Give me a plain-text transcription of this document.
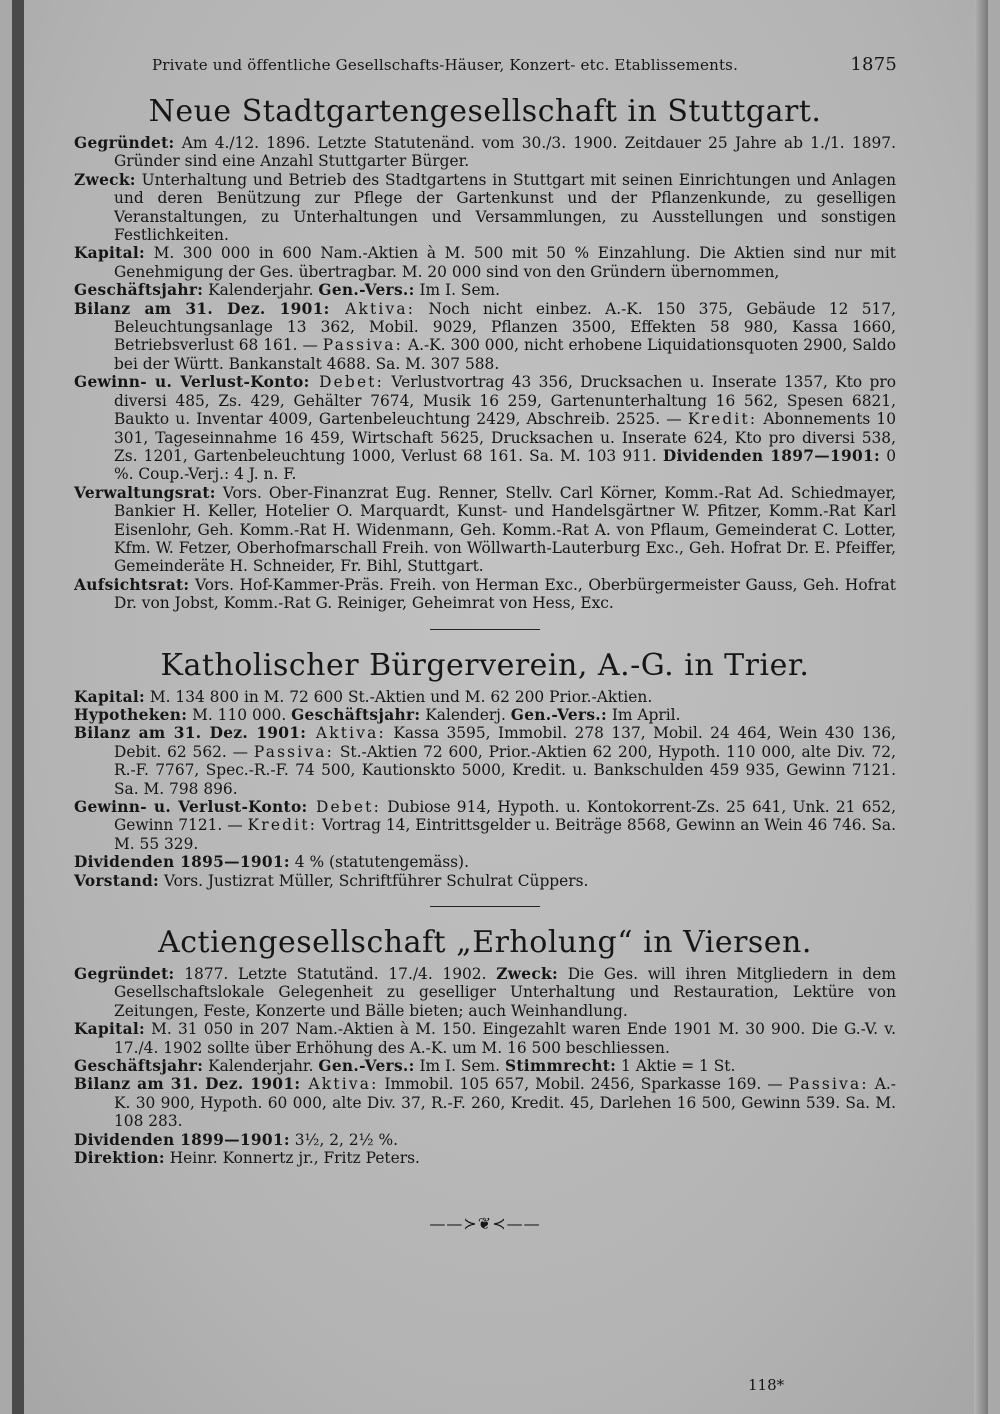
Private und öffentliche Gesellschafts-Häuser, Konzert- etc. Etablissements.	1875
Neue Stadtgartengesellschaft in Stuttgart.

Gegründet: Am 4./12. 1896. Letzte Statutenänd. vom 30./3. 1900. Zeitdauer 25 Jahre ab 1./1. 1897. Gründer sind eine Anzahl Stuttgarter Bürger.

Zweck: Unterhaltung und Betrieb des Stadtgartens in Stuttgart mit seinen Einrichtungen und Anlagen und deren Benützung zur Pflege der Gartenkunst und der Pflanzenkunde, zu geselligen Veranstaltungen, zu Unterhaltungen und Versammlungen, zu Ausstellungen und sonstigen Festlichkeiten.

Kapital: M. 300 000 in 600 Nam.-Aktien à M. 500 mit 50 % Einzahlung. Die Aktien sind nur mit Genehmigung der Ges. übertragbar. M. 20 000 sind von den Gründern übernommen,

Geschäftsjahr: Kalenderjahr. Gen.-Vers.: Im I. Sem.

Bilanz am 31. Dez. 1901: Aktiva: Noch nicht einbez. A.-K. 150 375, Gebäude 12 517, Beleuchtungsanlage 13 362, Mobil. 9029, Pflanzen 3500, Effekten 58 980, Kassa 1660, Betriebsverlust 68 161. — Passiva: A.-K. 300 000, nicht erhobene Liquidationsquoten 2900, Saldo bei der Württ. Bankanstalt 4688. Sa. M. 307 588.

Gewinn- u. Verlust-Konto: Debet: Verlustvortrag 43 356, Drucksachen u. Inserate 1357, Kto pro diversi 485, Zs. 429, Gehälter 7674, Musik 16 259, Gartenunterhaltung 16 562, Spesen 6821, Baukto u. Inventar 4009, Gartenbeleuchtung 2429, Abschreib. 2525. — Kredit: Abonnements 10 301, Tageseinnahme 16 459, Wirtschaft 5625, Drucksachen u. Inserate 624, Kto pro diversi 538, Zs. 1201, Gartenbeleuchtung 1000, Verlust 68 161. Sa. M. 103 911. Dividenden 1897—1901: 0 %. Coup.-Verj.: 4 J. n. F.

Verwaltungsrat: Vors. Ober-Finanzrat Eug. Renner, Stellv. Carl Körner, Komm.-Rat Ad. Schiedmayer, Bankier H. Keller, Hotelier O. Marquardt, Kunst- und Handelsgärtner W. Pfitzer, Komm.-Rat Karl Eisenlohr, Geh. Komm.-Rat H. Widenmann, Geh. Komm.-Rat A. von Pflaum, Gemeinderat C. Lotter, Kfm. W. Fetzer, Oberhofmarschall Freih. von Wöllwarth-Lauterburg Exc., Geh. Hofrat Dr. E. Pfeiffer, Gemeinderäte H. Schneider, Fr. Bihl, Stuttgart.

Aufsichtsrat: Vors. Hof-Kammer-Präs. Freih. von Herman Exc., Oberbürgermeister Gauss, Geh. Hofrat Dr. von Jobst, Komm.-Rat G. Reiniger, Geheimrat von Hess, Exc.

Katholischer Bürgerverein, A.-G. in Trier.

Kapital: M. 134 800 in M. 72 600 St.-Aktien und M. 62 200 Prior.-Aktien.

Hypotheken: M. 110 000. Geschäftsjahr: Kalenderj. Gen.-Vers.: Im April.

Bilanz am 31. Dez. 1901: Aktiva: Kassa 3595, Immobil. 278 137, Mobil. 24 464, Wein 430 136, Debit. 62 562. — Passiva: St.-Aktien 72 600, Prior.-Aktien 62 200, Hypoth. 110 000, alte Div. 72, R.-F. 7767, Spec.-R.-F. 74 500, Kautionskto 5000, Kredit. u. Bankschulden 459 935, Gewinn 7121. Sa. M. 798 896.

Gewinn- u. Verlust-Konto: Debet: Dubiose 914, Hypoth. u. Kontokorrent-Zs. 25 641, Unk. 21 652, Gewinn 7121. — Kredit: Vortrag 14, Eintrittsgelder u. Beiträge 8568, Gewinn an Wein 46 746. Sa. M. 55 329.

Dividenden 1895—1901: 4 % (statutengemäss).

Vorstand: Vors. Justizrat Müller, Schriftführer Schulrat Cüppers.

Actiengesellschaft „Erholung“ in Viersen.

Gegründet: 1877. Letzte Statutänd. 17./4. 1902. Zweck: Die Ges. will ihren Mitgliedern in dem Gesellschaftslokale Gelegenheit zu geselliger Unterhaltung und Restauration, Lektüre von Zeitungen, Feste, Konzerte und Bälle bieten; auch Weinhandlung.

Kapital: M. 31 050 in 207 Nam.-Aktien à M. 150. Eingezahlt waren Ende 1901 M. 30 900. Die G.-V. v. 17./4. 1902 sollte über Erhöhung des A.-K. um M. 16 500 beschliessen.

Geschäftsjahr: Kalenderjahr. Gen.-Vers.: Im I. Sem. Stimmrecht: 1 Aktie = 1 St.

Bilanz am 31. Dez. 1901: Aktiva: Immobil. 105 657, Mobil. 2456, Sparkasse 169. — Passiva: A.-K. 30 900, Hypoth. 60 000, alte Div. 37, R.-F. 260, Kredit. 45, Darlehen 16 500, Gewinn 539. Sa. M. 108 283.

Dividenden 1899—1901: 3½, 2, 2½ %.

Direktion: Heinr. Konnertz jr., Fritz Peters.

——≻❦≺——
118*
